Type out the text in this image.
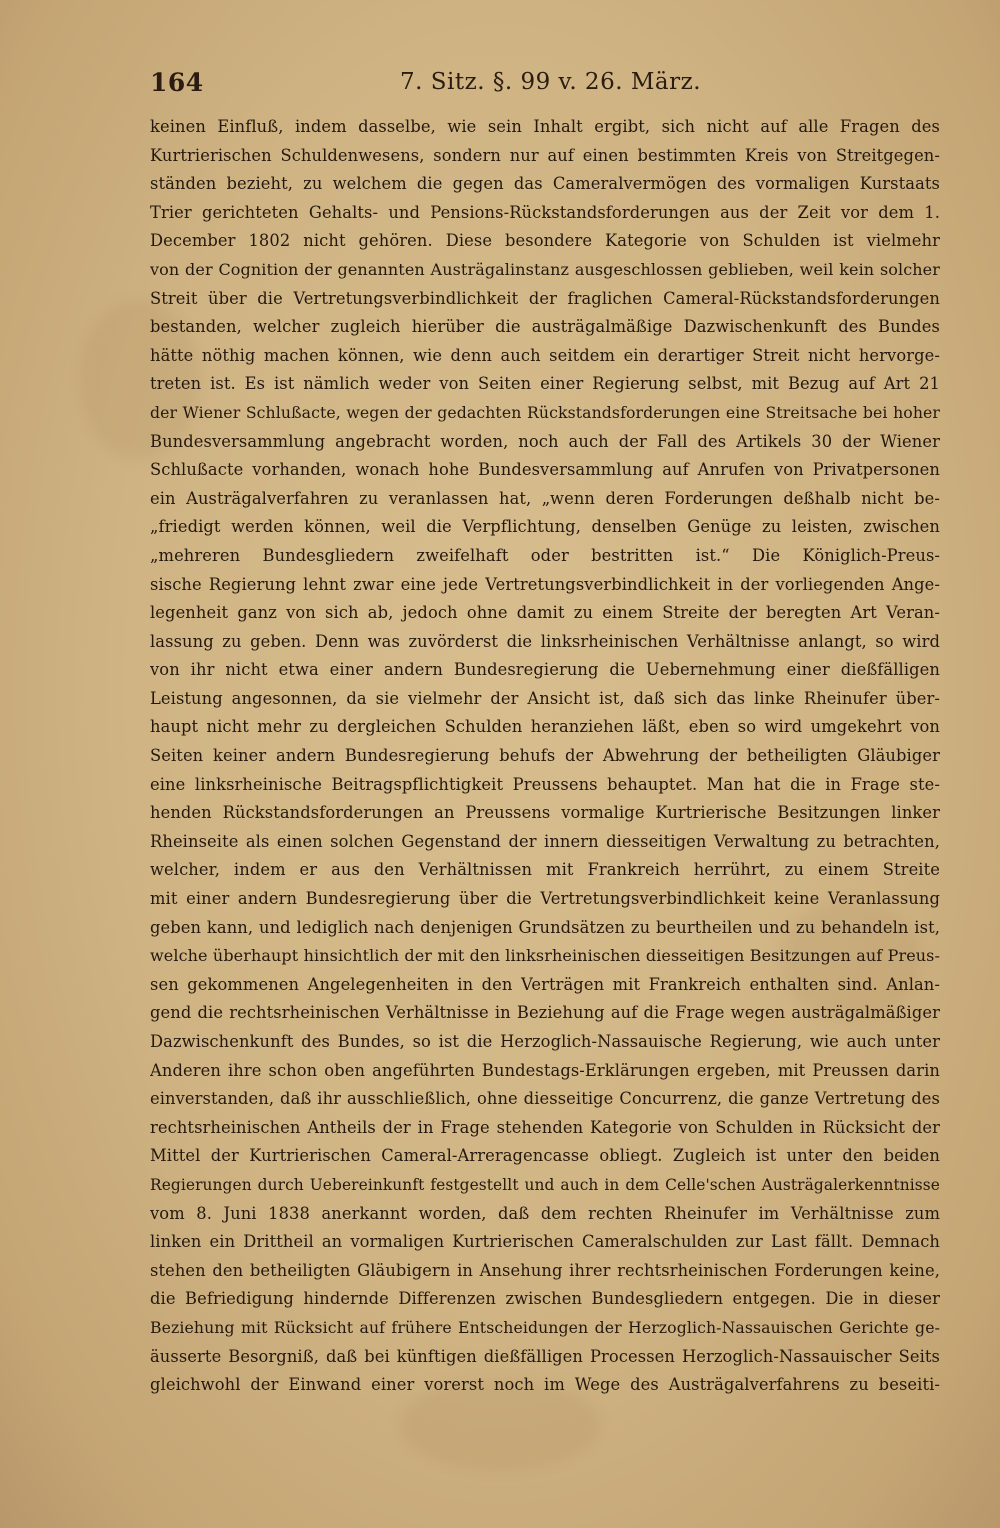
164	7. Sitz. §. 99 v. 26. März.
keinen Einfluß, indem dasselbe, wie sein Inhalt ergibt, sich nicht auf alle Fragen des
Kurtrierischen Schuldenwesens, sondern nur auf einen bestimmten Kreis von Streitgegen-
ständen bezieht, zu welchem die gegen das Cameralvermögen des vormaligen Kurstaats
Trier gerichteten Gehalts- und Pensions-Rückstandsforderungen aus der Zeit vor dem 1.
December 1802 nicht gehören. Diese besondere Kategorie von Schulden ist vielmehr
von der Cognition der genannten Austrägalinstanz ausgeschlossen geblieben, weil kein solcher
Streit über die Vertretungsverbindlichkeit der fraglichen Cameral-Rückstandsforderungen
bestanden, welcher zugleich hierüber die austrägalmäßige Dazwischenkunft des Bundes
hätte nöthig machen können, wie denn auch seitdem ein derartiger Streit nicht hervorge-
treten ist. Es ist nämlich weder von Seiten einer Regierung selbst, mit Bezug auf Art 21
der Wiener Schlußacte, wegen der gedachten Rückstandsforderungen eine Streitsache bei hoher
Bundesversammlung angebracht worden, noch auch der Fall des Artikels 30 der Wiener
Schlußacte vorhanden, wonach hohe Bundesversammlung auf Anrufen von Privatpersonen
ein Austrägalverfahren zu veranlassen hat, „wenn deren Forderungen deßhalb nicht be-
„friedigt werden können, weil die Verpflichtung, denselben Genüge zu leisten, zwischen
„mehreren Bundesgliedern zweifelhaft oder bestritten ist.“ Die Königlich-Preus-
sische Regierung lehnt zwar eine jede Vertretungsverbindlichkeit in der vorliegenden Ange-
legenheit ganz von sich ab, jedoch ohne damit zu einem Streite der beregten Art Veran-
lassung zu geben. Denn was zuvörderst die linksrheinischen Verhältnisse anlangt, so wird
von ihr nicht etwa einer andern Bundesregierung die Uebernehmung einer dießfälligen
Leistung angesonnen, da sie vielmehr der Ansicht ist, daß sich das linke Rheinufer über-
haupt nicht mehr zu dergleichen Schulden heranziehen läßt, eben so wird umgekehrt von
Seiten keiner andern Bundesregierung behufs der Abwehrung der betheiligten Gläubiger
eine linksrheinische Beitragspflichtigkeit Preussens behauptet. Man hat die in Frage ste-
henden Rückstandsforderungen an Preussens vormalige Kurtrierische Besitzungen linker
Rheinseite als einen solchen Gegenstand der innern diesseitigen Verwaltung zu betrachten,
welcher, indem er aus den Verhältnissen mit Frankreich herrührt, zu einem Streite
mit einer andern Bundesregierung über die Vertretungsverbindlichkeit keine Veranlassung
geben kann, und lediglich nach denjenigen Grundsätzen zu beurtheilen und zu behandeln ist,
welche überhaupt hinsichtlich der mit den linksrheinischen diesseitigen Besitzungen auf Preus-
sen gekommenen Angelegenheiten in den Verträgen mit Frankreich enthalten sind. Anlan-
gend die rechtsrheinischen Verhältnisse in Beziehung auf die Frage wegen austrägalmäßiger
Dazwischenkunft des Bundes, so ist die Herzoglich-Nassauische Regierung, wie auch unter
Anderen ihre schon oben angeführten Bundestags-Erklärungen ergeben, mit Preussen darin
einverstanden, daß ihr ausschließlich, ohne diesseitige Concurrenz, die ganze Vertretung des
rechtsrheinischen Antheils der in Frage stehenden Kategorie von Schulden in Rücksicht der
Mittel der Kurtrierischen Cameral-Arreragencasse obliegt. Zugleich ist unter den beiden
Regierungen durch Uebereinkunft festgestellt und auch in dem Celle'schen Austrägalerkenntnisse
vom 8. Juni 1838 anerkannt worden, daß dem rechten Rheinufer im Verhältnisse zum
linken ein Drittheil an vormaligen Kurtrierischen Cameralschulden zur Last fällt. Demnach
stehen den betheiligten Gläubigern in Ansehung ihrer rechtsrheinischen Forderungen keine,
die Befriedigung hindernde Differenzen zwischen Bundesgliedern entgegen. Die in dieser
Beziehung mit Rücksicht auf frühere Entscheidungen der Herzoglich-Nassauischen Gerichte ge-
äusserte Besorgniß, daß bei künftigen dießfälligen Processen Herzoglich-Nassauischer Seits
gleichwohl der Einwand einer vorerst noch im Wege des Austrägalverfahrens zu beseiti-
